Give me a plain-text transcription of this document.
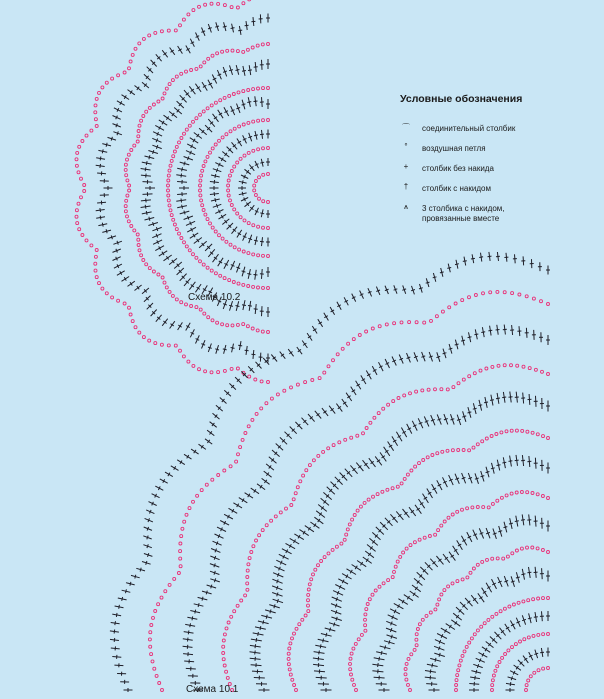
Условные обозначения
⌒ соединительный столбик
°	воздушная петля
+	столбик без накида
†	столбик с накидом
⩚	3 столбика с накидом, провязанные вместе
Схема 10.2
Схема 10.1
